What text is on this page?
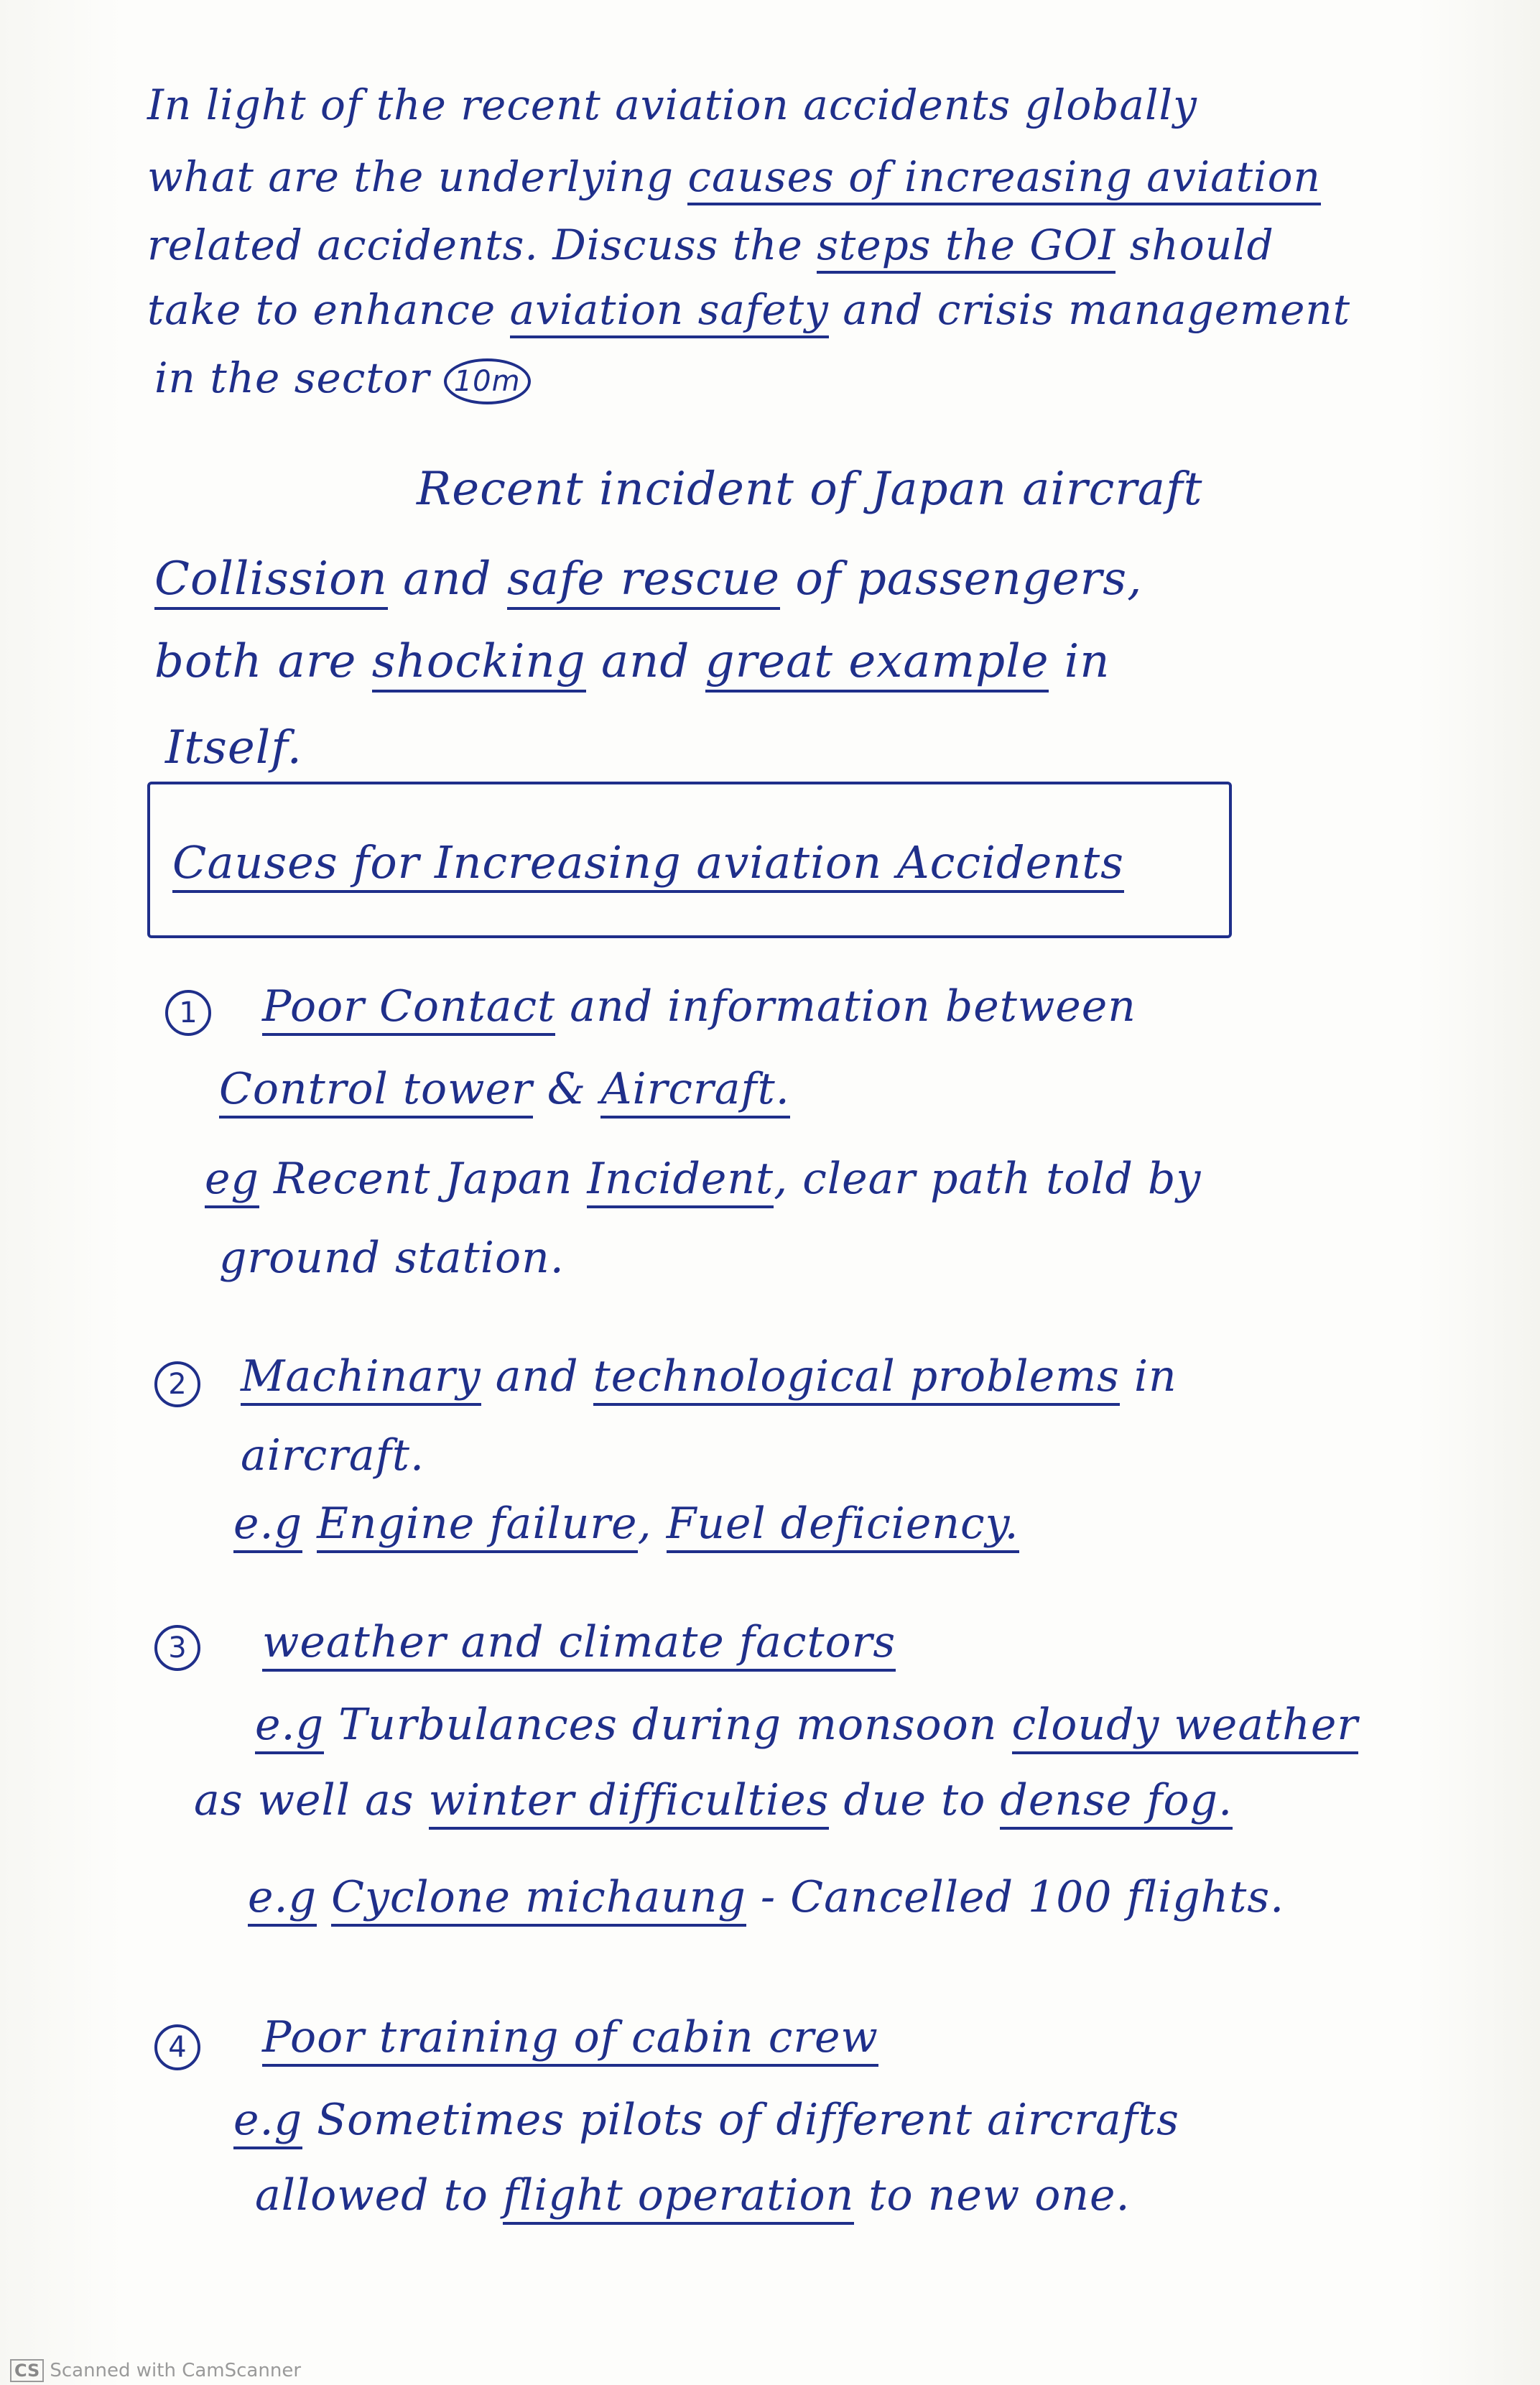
In light of the recent aviation accidents globally
what are the underlying causes of increasing aviation
related accidents. Discuss the steps the GOI should
take to enhance aviation safety and crisis management
in the sector 10m
Recent incident of Japan aircraft
Collission and safe rescue of passengers,
both are shocking and great example in
Itself.
Causes for Increasing aviation Accidents
1 Poor Contact and information between
Control tower & Aircraft.
eg Recent Japan Incident, clear path told by
ground station.
2 Machinary and technological problems in
aircraft.
e.g Engine failure, Fuel deficiency.
3 weather and climate factors
e.g Turbulances during monsoon cloudy weather
as well as winter difficulties due to dense fog.
e.g Cyclone michaung - Cancelled 100 flights.
4 Poor training of cabin crew
e.g Sometimes pilots of different aircrafts
allowed to flight operation to new one.
CS Scanned with CamScanner
